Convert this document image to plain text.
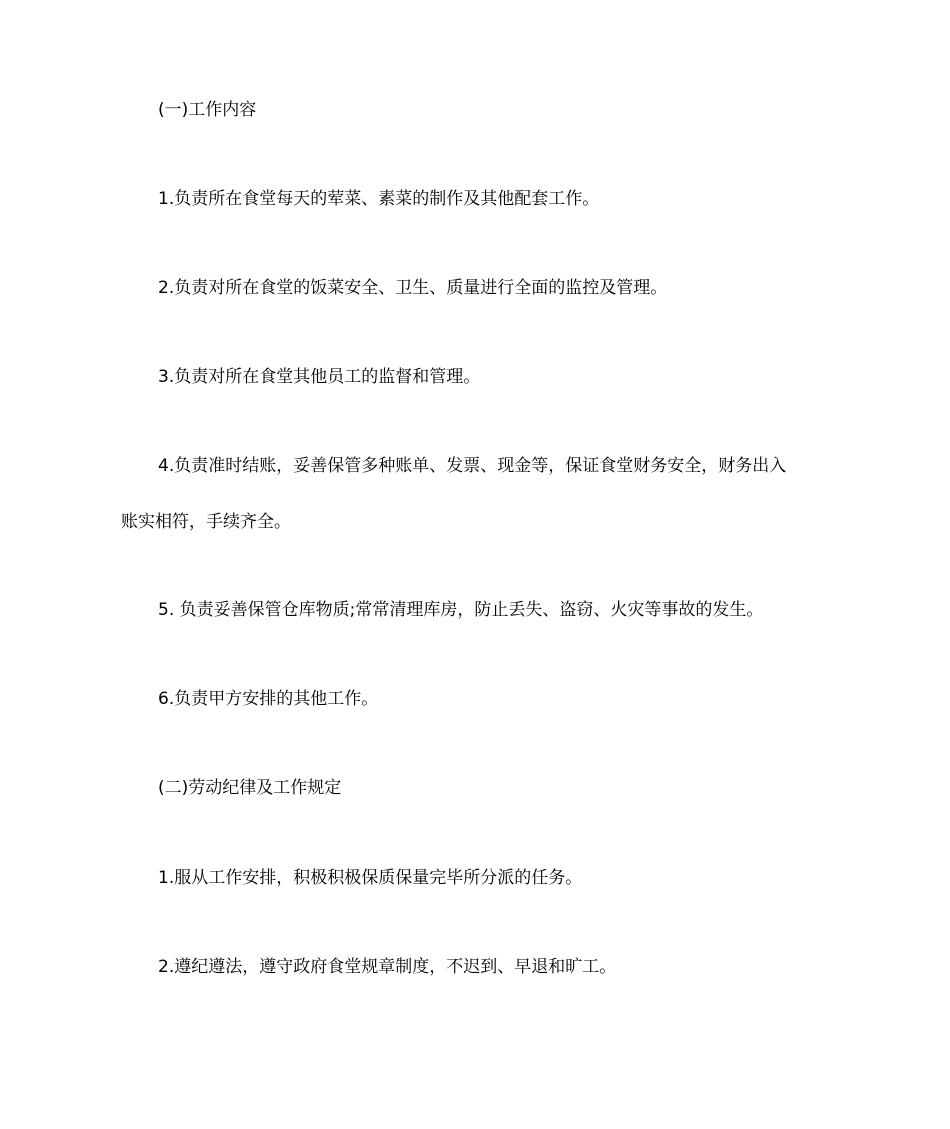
(一)工作内容
1.负责所在食堂每天的荤菜、素菜的制作及其他配套工作。
2.负责对所在食堂的饭菜安全、卫生、质量进行全面的监控及管理。
3.负责对所在食堂其他员工的监督和管理。
4.负责准时结账，妥善保管多种账单、发票、现金等，保证食堂财务安全，财务出入
账实相符，手续齐全。
5. 负责妥善保管仓库物质;常常清理库房，防止丢失、盗窃、火灾等事故的发生。
6.负责甲方安排的其他工作。
(二)劳动纪律及工作规定
1.服从工作安排，积极积极保质保量完毕所分派的任务。
2.遵纪遵法，遵守政府食堂规章制度，不迟到、早退和旷工。
